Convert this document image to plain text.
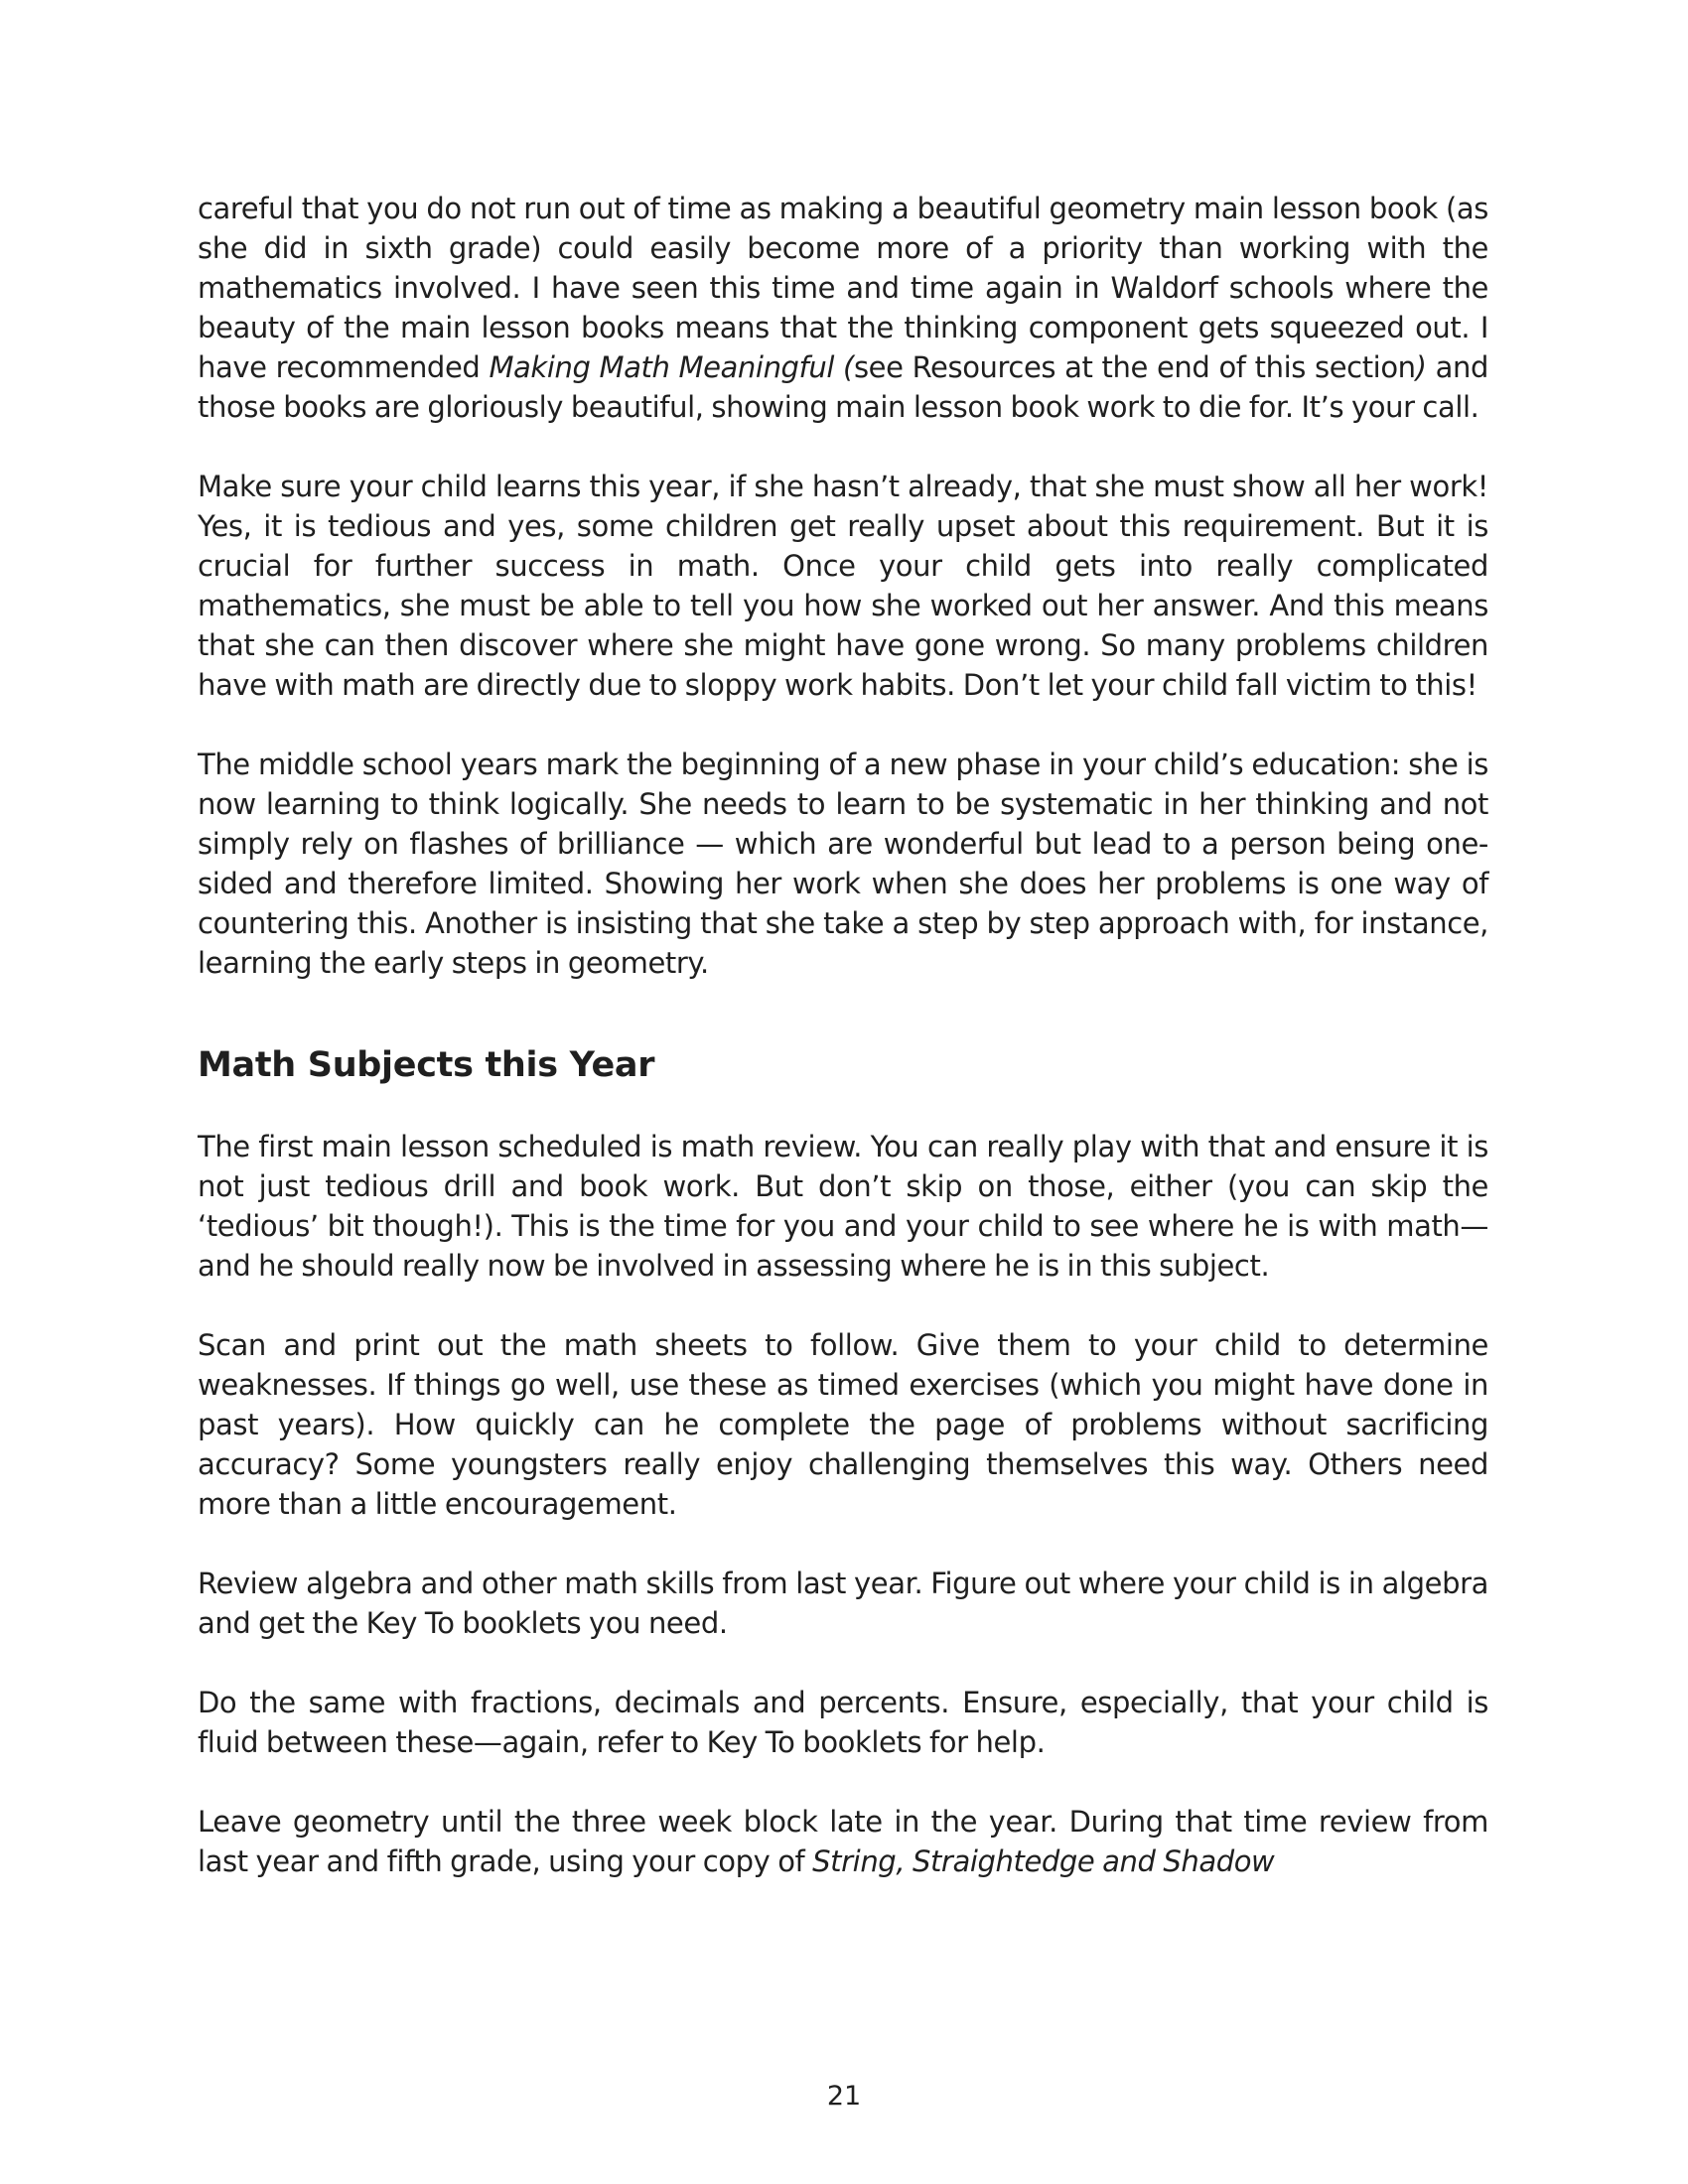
careful that you do not run out of time as making a beautiful geometry main lesson book (as she did in sixth grade) could easily become more of a priority than working with the mathematics involved. I have seen this time and time again in Waldorf schools where the beauty of the main lesson books means that the thinking component gets squeezed out. I have recommended Making Math Meaningful (see Resources at the end of this section) and those books are gloriously beautiful, showing main lesson book work to die for. It’s your call.

Make sure your child learns this year, if she hasn’t already, that she must show all her work! Yes, it is tedious and yes, some children get really upset about this requirement. But it is crucial for further success in math. Once your child gets into really complicated mathematics, she must be able to tell you how she worked out her answer. And this means that she can then discover where she might have gone wrong. So many problems children have with math are directly due to sloppy work habits. Don’t let your child fall victim to this!

The middle school years mark the beginning of a new phase in your child’s education: she is now learning to think logically. She needs to learn to be systematic in her thinking and not simply rely on flashes of brilliance — which are wonderful but lead to a person being one-sided and therefore limited. Showing her work when she does her problems is one way of countering this. Another is insisting that she take a step by step approach with, for instance, learning the early steps in geometry.

Math Subjects this Year

The first main lesson scheduled is math review. You can really play with that and ensure it is not just tedious drill and book work. But don’t skip on those, either (you can skip the ‘tedious’ bit though!). This is the time for you and your child to see where he is with math—and he should really now be involved in assessing where he is in this subject.

Scan and print out the math sheets to follow. Give them to your child to determine weaknesses. If things go well, use these as timed exercises (which you might have done in past years). How quickly can he complete the page of problems without sacrificing accuracy? Some youngsters really enjoy challenging themselves this way. Others need more than a little encouragement.

Review algebra and other math skills from last year. Figure out where your child is in algebra and get the Key To booklets you need.

Do the same with fractions, decimals and percents. Ensure, especially, that your child is fluid between these—again, refer to Key To booklets for help.

Leave geometry until the three week block late in the year. During that time review from last year and fifth grade, using your copy of String, Straightedge and Shadow

21
